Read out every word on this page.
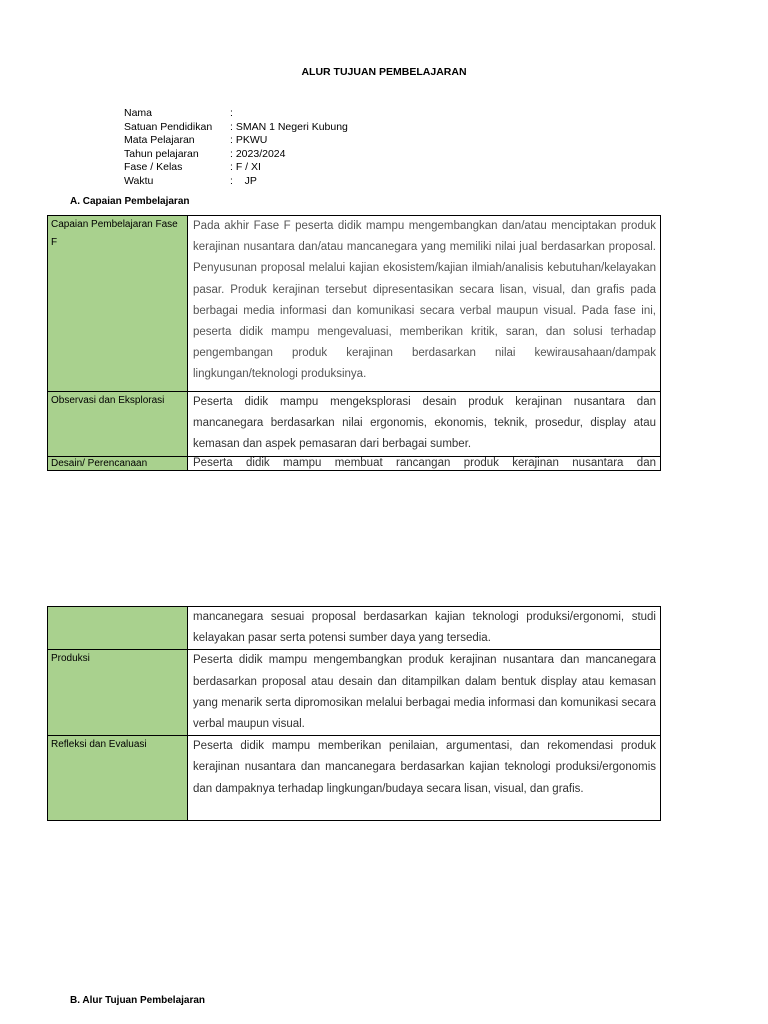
ALUR TUJUAN PEMBELAJARAN
Nama	:
Satuan Pendidikan	: SMAN 1 Negeri Kubung
Mata Pelajaran	: PKWU
Tahun pelajaran	: 2023/2024
Fase / Kelas	: F / XI
Waktu	:    JP
A. Capaian Pembelajaran
Capaian Pembelajaran Fase F	Pada akhir Fase F peserta didik mampu mengembangkan dan/atau menciptakan produk kerajinan nusantara dan/atau mancanegara yang memiliki nilai jual berdasarkan proposal. Penyusunan proposal melalui kajian ekosistem/kajian ilmiah/analisis kebutuhan/kelayakan pasar. Produk kerajinan tersebut dipresentasikan secara lisan, visual, dan grafis pada berbagai media informasi dan komunikasi secara verbal maupun visual. Pada fase ini, peserta didik mampu mengevaluasi, memberikan kritik, saran, dan solusi terhadap pengembangan produk kerajinan berdasarkan nilai kewirausahaan/dampak lingkungan/teknologi produksinya.
Observasi dan Eksplorasi	Peserta didik mampu mengeksplorasi desain produk kerajinan nusantara dan mancanegara berdasarkan nilai ergonomis, ekonomis, teknik, prosedur, display atau kemasan dan aspek pemasaran dari berbagai sumber.
Desain/ Perencanaan	Peserta didik mampu membuat rancangan produk kerajinan nusantara dan
	mancanegara sesuai proposal berdasarkan kajian teknologi produksi/ergonomi, studi kelayakan pasar serta potensi sumber daya yang tersedia.
Produksi	Peserta didik mampu mengembangkan produk kerajinan nusantara dan mancanegara berdasarkan proposal atau desain dan ditampilkan dalam bentuk display atau kemasan yang menarik serta dipromosikan melalui berbagai media informasi dan komunikasi secara verbal maupun visual.
Refleksi dan Evaluasi	Peserta didik mampu memberikan penilaian, argumentasi, dan rekomendasi produk kerajinan nusantara dan mancanegara berdasarkan kajian teknologi produksi/ergonomis dan dampaknya terhadap lingkungan/budaya secara lisan, visual, dan grafis.
B. Alur Tujuan Pembelajaran
